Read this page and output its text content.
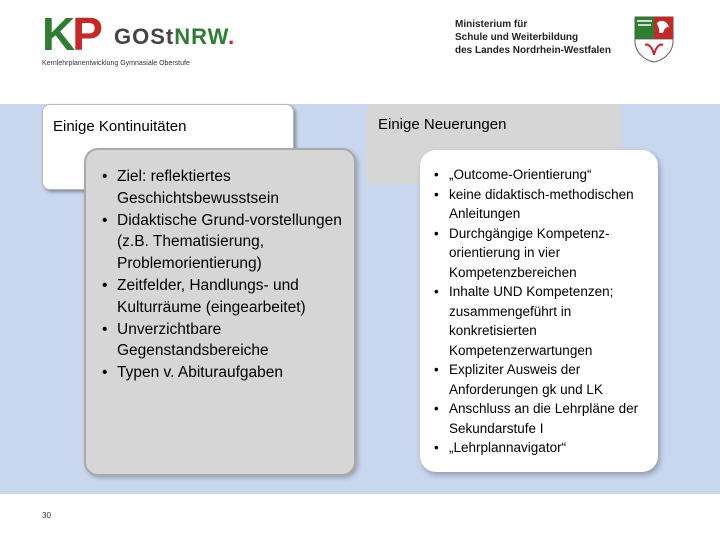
KP GOStNRW.
Kernlehrplanentwicklung Gymnasiale Oberstufe
Ministerium für
Schule und Weiterbildung
des Landes Nordrhein-Westfalen
Einige Kontinuitäten
• Ziel: reflektiertes Geschichtsbewusstsein
• Didaktische Grund-vorstellungen (z.B. Thematisierung, Problemorientierung)
• Zeitfelder, Handlungs- und Kulturräume (eingearbeitet)
• Unverzichtbare Gegenstandsbereiche
• Typen v. Abituraufgaben
Einige Neuerungen
• „Outcome-Orientierung“
• keine didaktisch-methodischen Anleitungen
• Durchgängige Kompetenz-orientierung in vier Kompetenzbereichen
• Inhalte UND Kompetenzen; zusammengeführt in konkretisierten Kompetenzerwartungen
• Expliziter Ausweis der Anforderungen gk und LK
• Anschluss an die Lehrpläne der Sekundarstufe I
• „Lehrplannavigator“
30
